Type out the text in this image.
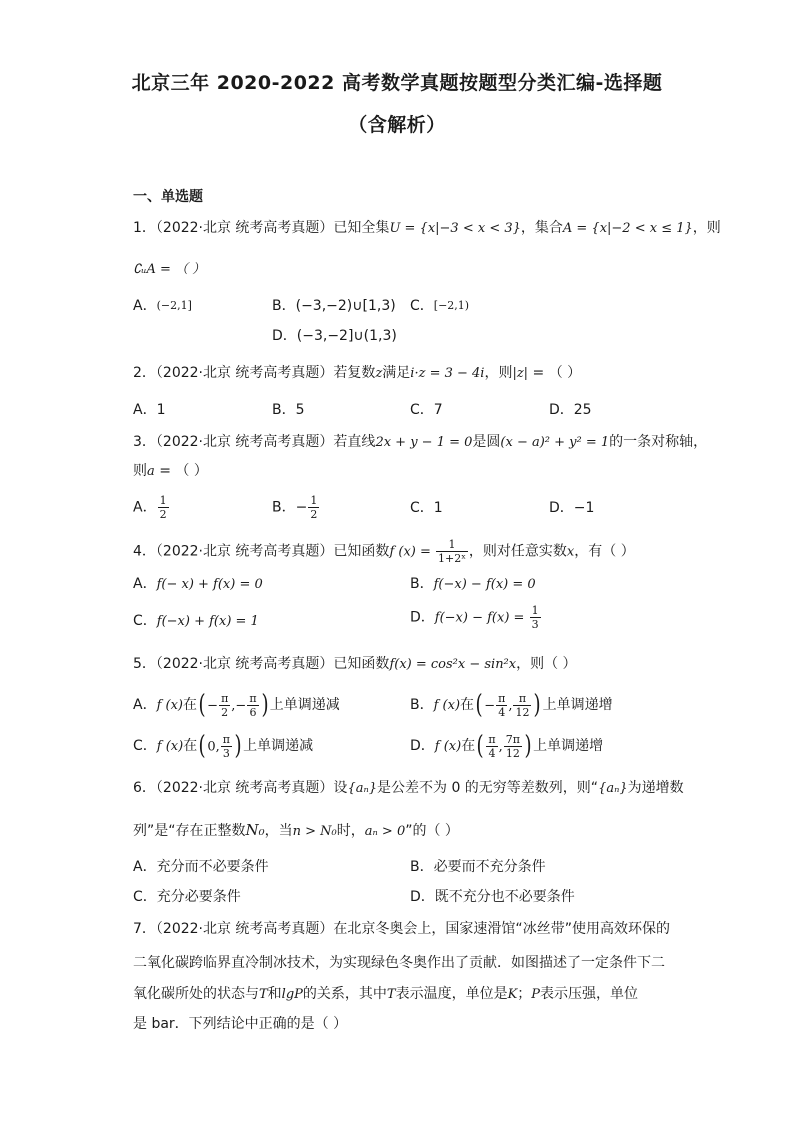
北京三年 2020-2022 高考数学真题按题型分类汇编-选择题
（含解析）
一、单选题
1．（2022·北京 统考高考真题）已知全集U = {x|−3 < x < 3}，集合A = {x|−2 < x ≤ 1}，则
∁ᵤA = （ ）
A．$^{(-2,1]}$	B．(−3,−2)∪[1,3) C．$^{[-2,1)}$
D．(−3,−2]∪(1,3)
2．（2022·北京 统考高考真题）若复数z满足i·z = 3 − 4i，则|z| = （ ）
A．1	B．5	C．7	D．25
3．（2022·北京 统考高考真题）若直线2x + y − 1 = 0是圆(x − a)² + y² = 1的一条对称轴，
则a = （ ）
A． $\frac{1}{2}$	B．− $\frac{1}{2}$	C．1	D．−1
4．（2022·北京 统考高考真题）已知函数f $(x) = \frac{1}{\text{1+2ˣ}}$ ，则对任意实数x，有（ ）
A．f(− x) + f(x) = 0	B．f(−x) − f(x) = 0
C．f(−x) + f(x) = 1	D．$f(-x) - f(x) = \frac{1}{3}$
5．（2022·北京 统考高考真题）已知函数f(x) = cos²x − sin²x，则（ ）
A．f (x)在( − $\frac{\pi}{2}$ ,− $\frac{\pi}{6}$ ) 上单调递减	B．f (x)在( − $\frac{\pi}{4}$ , $\frac{\pi}{12}$ ) 上单调递增
C．f (x)在( 0, $\frac{\pi}{3}$ ) 上单调递减	D．f (x)在( $\frac{\pi}{4}$ , $\frac{7\pi}{12}$ ) 上单调递增
6．（2022·北京 统考高考真题）设{aₙ}是公差不为 0 的无穷等差数列，则“{aₙ}为递增数
列”是“存在正整数N₀，当n > N₀时，aₙ > 0”的（ ）
A．充分而不必要条件	B．必要而不充分条件
C．充分必要条件	D．既不充分也不必要条件
7．（2022·北京 统考高考真题）在北京冬奥会上，国家速滑馆“冰丝带”使用高效环保的
二氧化碳跨临界直冷制冰技术，为实现绿色冬奥作出了贡献．如图描述了一定条件下二
氧化碳所处的状态与T和lgP的关系，其中T表示温度，单位是K；P表示压强，单位
是 bar．下列结论中正确的是（ ）
